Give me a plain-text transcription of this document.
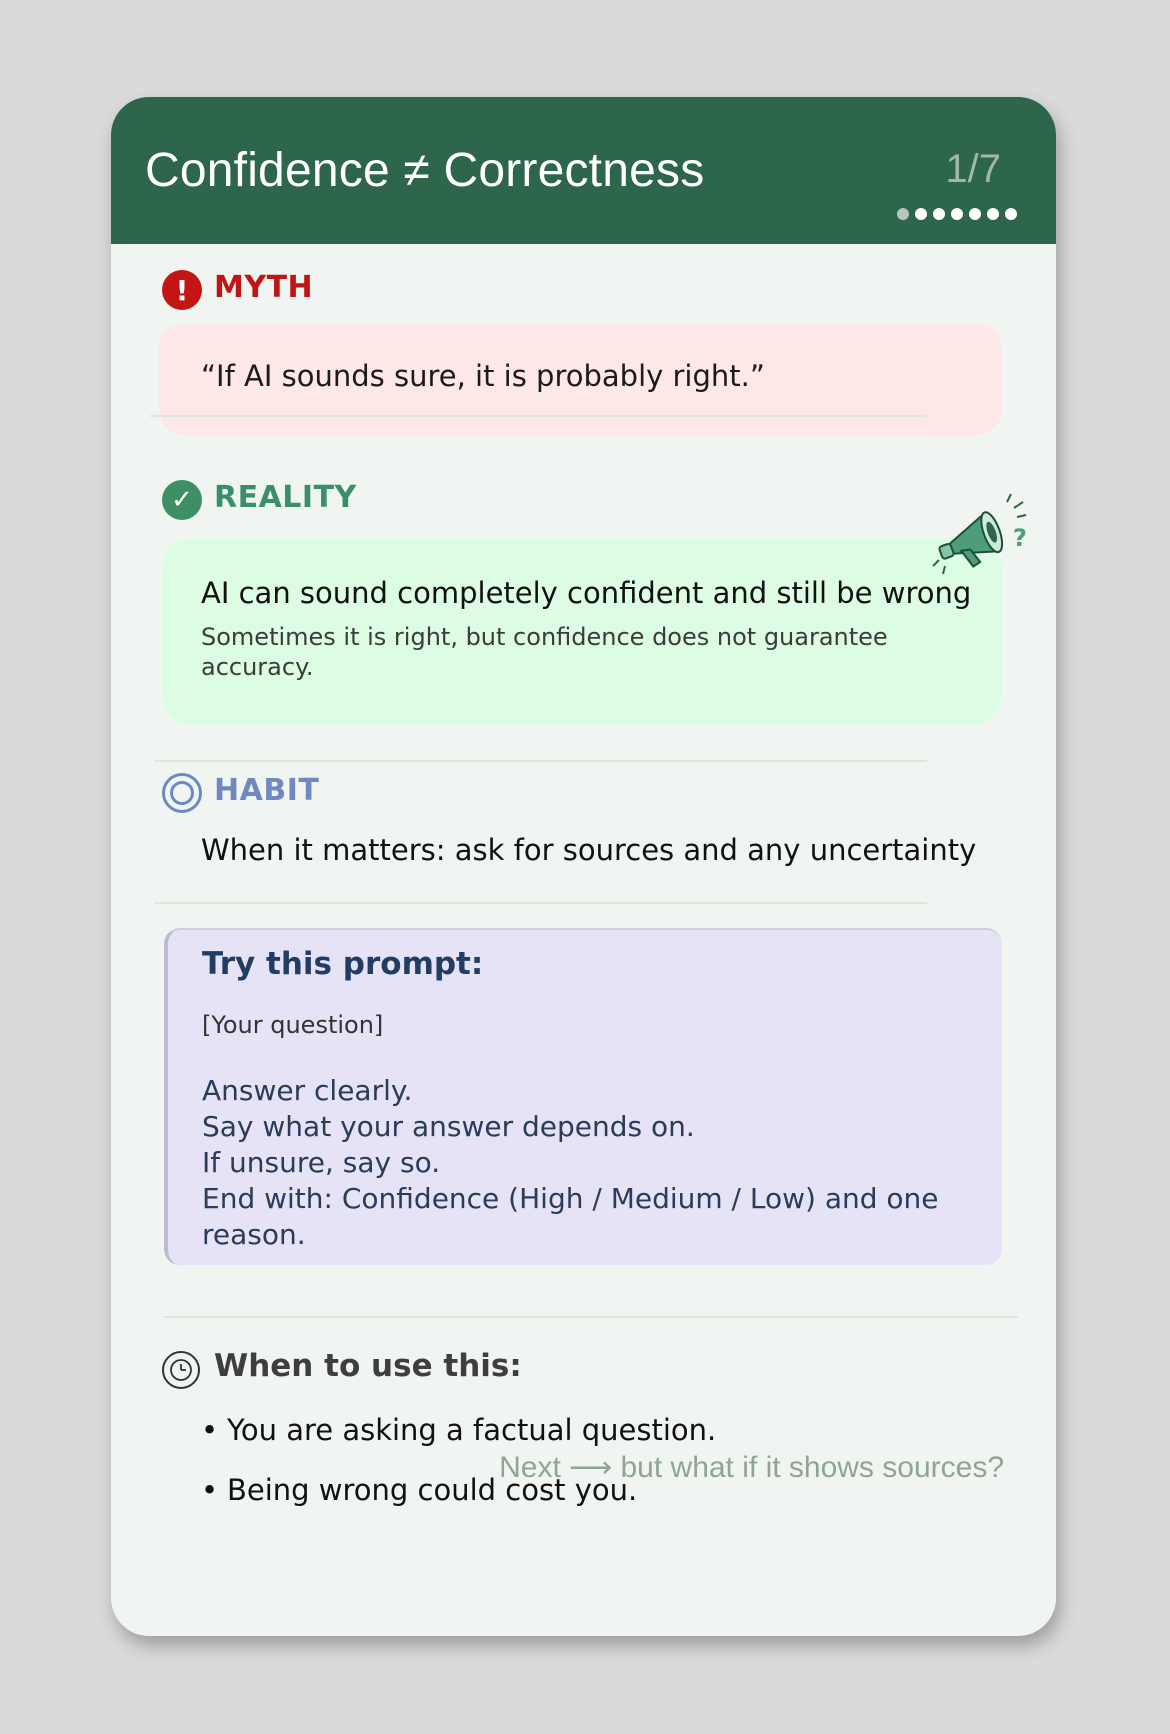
Confidence ≠ Correctness	1/7
! MYTH
“If AI sounds sure, it is probably right.”
✓ REALITY
AI can sound completely confident and still be wrong
Sometimes it is right, but confidence does not guarantee accuracy.
?
HABIT
When it matters: ask for sources and any uncertainty
Try this prompt:
[Your question]
Answer clearly.
Say what your answer depends on.
If unsure, say so.
End with: Confidence (High / Medium / Low) and one reason.
When to use this:
• You are asking a factual question.
• Being wrong could cost you.
Next ⟶ but what if it shows sources?
